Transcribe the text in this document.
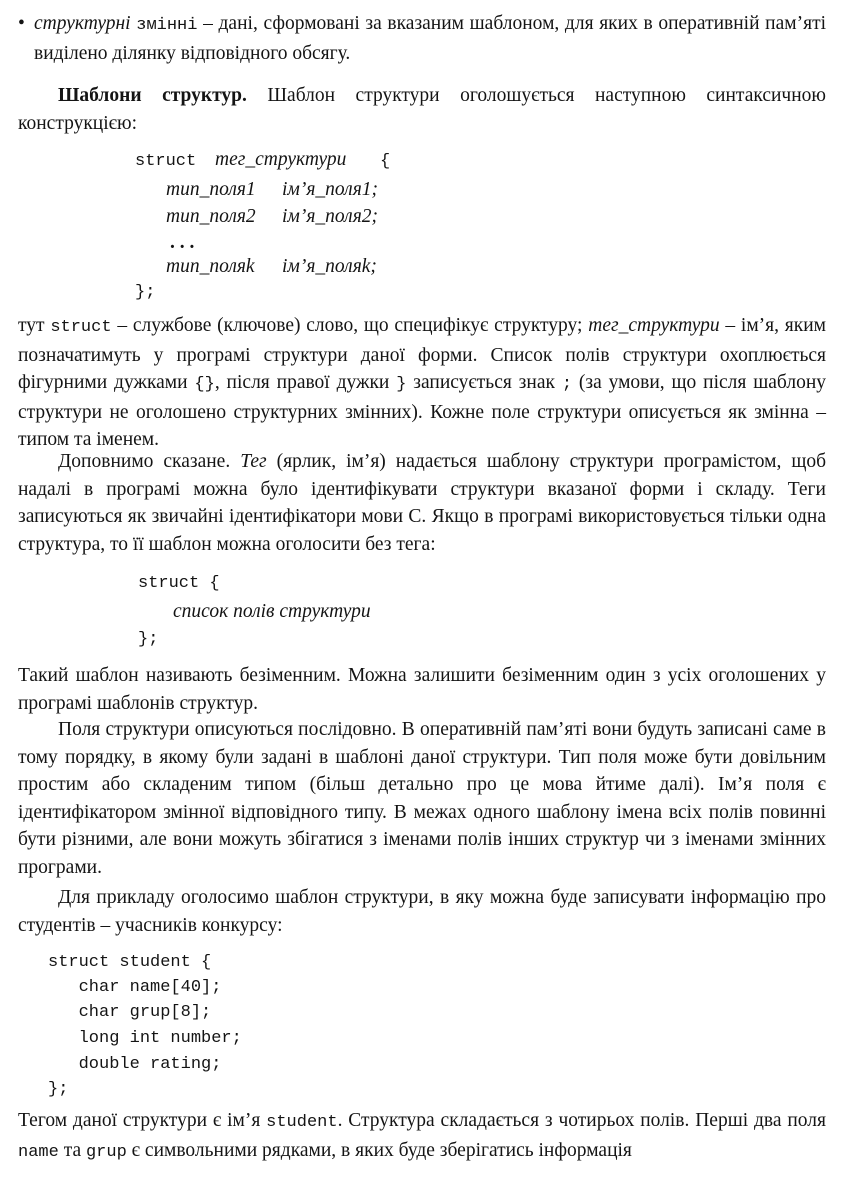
• структурні змінні – дані, сформовані за вказаним шаблоном, для яких в оперативній пам’яті виділено ділянку відповідного обсягу.
Шаблони структур. Шаблон структури оголошується наступною синтаксичною конструкцією:
struct тег_структури {
тип_поля1 ім’я_поля1;
тип_поля2 ім’я_поля2;
. . .
тип_поляk ім’я_поляk;
};
тут struct – службове (ключове) слово, що специфікує структуру; тег_структури – ім’я, яким позначатимуть у програмі структури даної форми. Список полів структури охоплюється фігурними дужками {}, після правої дужки } записується знак ; (за умови, що після шаблону структури не оголошено структурних змінних). Кожне поле структури описується як змінна – типом та іменем.
Доповнимо сказане. Тег (ярлик, ім’я) надається шаблону структури програмістом, щоб надалі в програмі можна було ідентифікувати структури вказаної форми і складу. Теги записуються як звичайні ідентифікатори мови С. Якщо в програмі використовується тільки одна структура, то її шаблон можна оголосити без тега:
struct {
список полів структури
};
Такий шаблон називають безіменним. Можна залишити безіменним один з усіх оголошених у програмі шаблонів структур.
Поля структури описуються послідовно. В оперативній пам’яті вони будуть записані саме в тому порядку, в якому були задані в шаблоні даної структури. Тип поля може бути довільним простим або складеним типом (більш детально про це мова йтиме далі). Ім’я поля є ідентифікатором змінної відповідного типу. В межах одного шаблону імена всіх полів повинні бути різними, але вони можуть збігатися з іменами полів інших структур чи з іменами змінних програми.
Для прикладу оголосимо шаблон структури, в яку можна буде записувати інформацію про студентів – учасників конкурсу:
struct student {
char name[40];
char grup[8];
long int number;
double rating;
};
Тегом даної структури є ім’я student. Структура складається з чотирьох полів. Перші два поля name та grup є символьними рядками, в яких буде зберігатись інформація
